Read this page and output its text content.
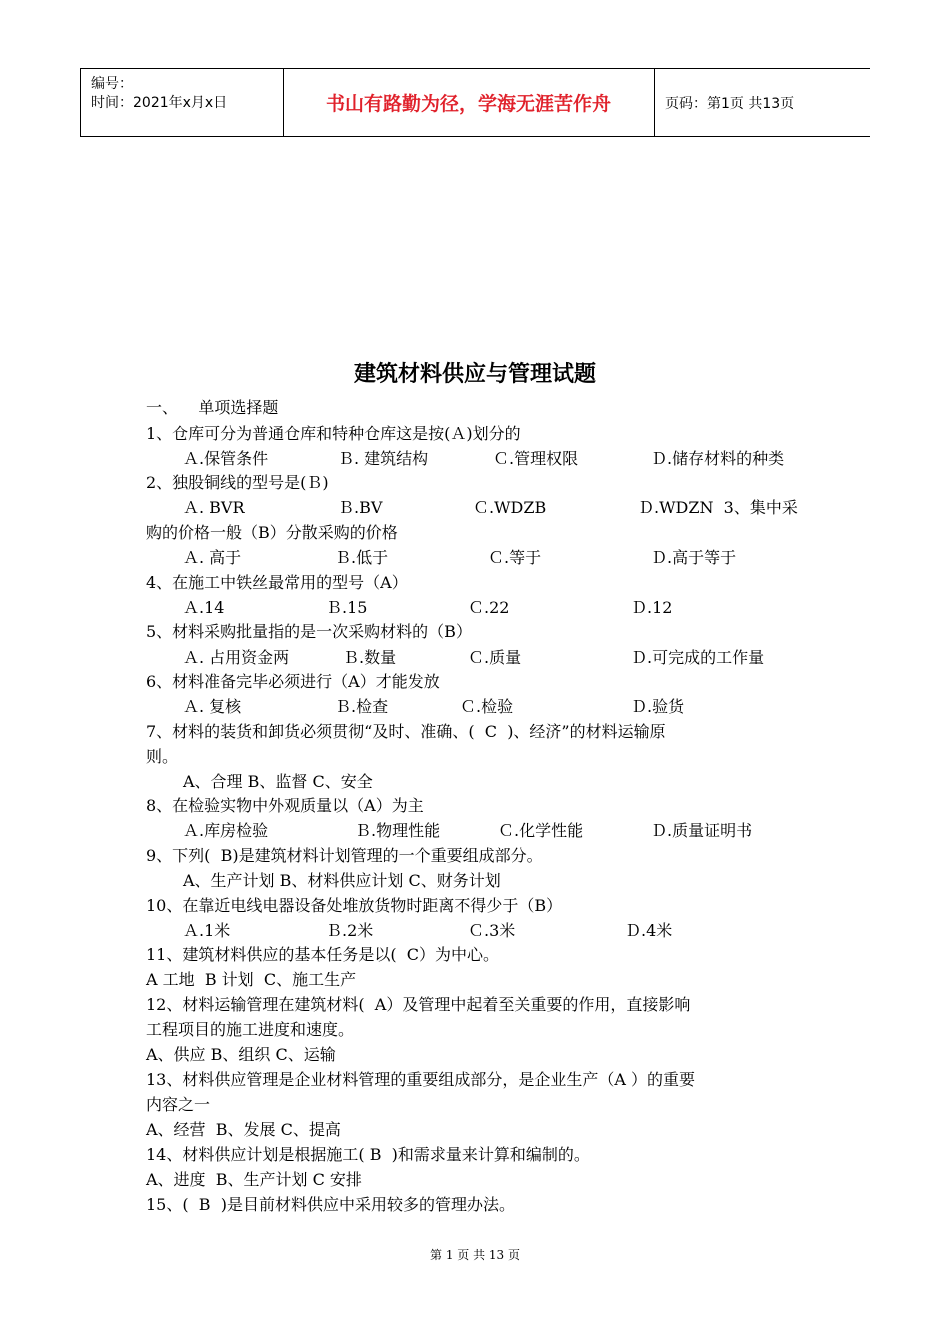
编号：
时间：2021年x月x日	书山有路勤为径，学海无涯苦作舟	页码：第1页 共13页
建筑材料供应与管理试题
一、    单项选择题
1、仓库可分为普通仓库和特种仓库这是按(Ａ)划分的
Ａ.保管条件	Ｂ. 建筑结构	Ｃ.管理权限	Ｄ.储存材料的种类
2、独股铜线的型号是(Ｂ)
Ａ. BVR	Ｂ.BV	Ｃ.WDZB	Ｄ.WDZN  3、集中采
购的价格一般（B）分散采购的价格
Ａ. 高于	Ｂ.低于	Ｃ.等于	Ｄ.高于等于
4、在施工中铁丝最常用的型号（A）
Ａ.14	Ｂ.15	Ｃ.22	Ｄ.12
5、材料采购批量指的是一次采购材料的（B）
Ａ. 占用资金两	Ｂ.数量	Ｃ.质量	Ｄ.可完成的工作量
6、材料准备完毕必须进行（A）才能发放
Ａ. 复核	Ｂ.检查	Ｃ.检验	Ｄ.验货
7、材料的装货和卸货必须贯彻“及时、准确、(  C  )、经济”的材料运输原
则。
A、合理 B、监督 C、安全
8、在检验实物中外观质量以（A）为主
Ａ.库房检验	Ｂ.物理性能	Ｃ.化学性能	Ｄ.质量证明书
9、下列(  B)是建筑材料计划管理的一个重要组成部分。
A、生产计划 B、材料供应计划 C、财务计划
10、在靠近电线电器设备处堆放货物时距离不得少于（B）
Ａ.1米	Ｂ.2米	Ｃ.3米	Ｄ.4米
11、建筑材料供应的基本任务是以(  C）为中心。
A 工地  B 计划  C、施工生产
12、材料运输管理在建筑材料(  A）及管理中起着至关重要的作用，直接影响
工程项目的施工进度和速度。
A、供应 B、组织 C、运输
13、材料供应管理是企业材料管理的重要组成部分，是企业生产（A ）的重要
内容之一
A、经营  B、发展 C、提高
14、材料供应计划是根据施工( B  )和需求量来计算和编制的。
A、进度  B、生产计划 C 安排
15、(  B  )是目前材料供应中采用较多的管理办法。
第 1 页 共 13 页
